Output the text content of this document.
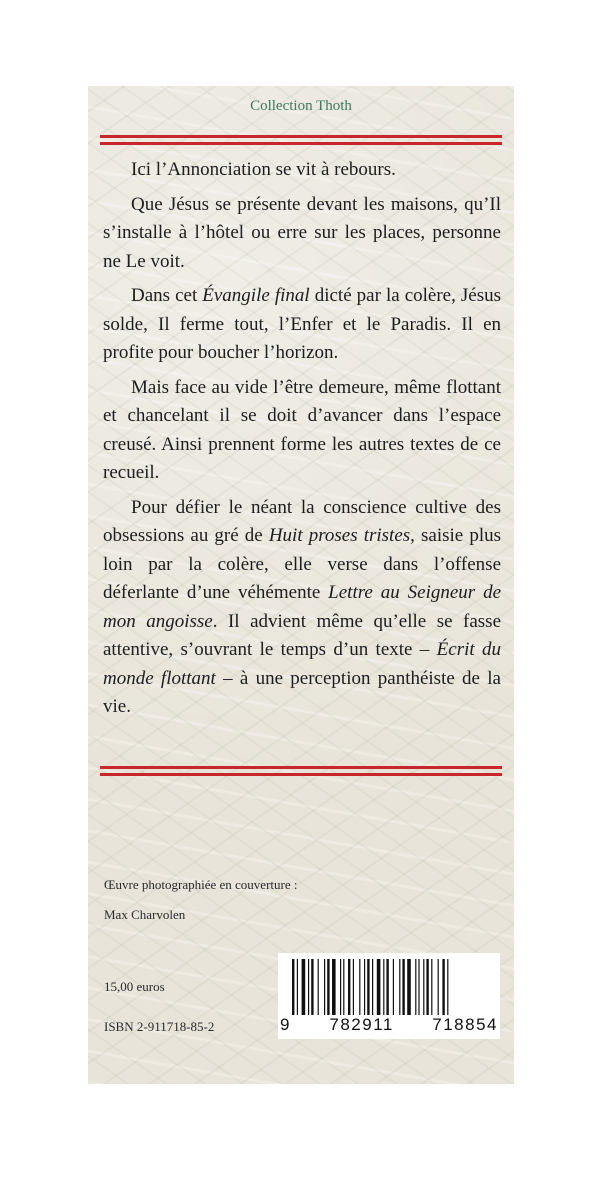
Collection Thoth

Ici l’Annonciation se vit à rebours.

Que Jésus se présente devant les maisons, qu’Il s’installe à l’hôtel ou erre sur les places, personne ne Le voit.

Dans cet Évangile final dicté par la colère, Jésus solde, Il ferme tout, l’Enfer et le Paradis. Il en profite pour boucher l’horizon.

Mais face au vide l’être demeure, même flottant et chancelant il se doit d’avancer dans l’espace creusé. Ainsi prennent forme les autres textes de ce recueil.

Pour défier le néant la conscience cultive des obsessions au gré de Huit proses tristes, saisie plus loin par la colère, elle verse dans l’offense déferlante d’une véhémente Lettre au Seigneur de mon angoisse. Il advient même qu’elle se fasse attentive, s’ouvrant le temps d’un texte – Écrit du monde flottant – à une perception panthéiste de la vie.

Œuvre photographiée en couverture :
Max Charvolen
15,00 euros
ISBN 2-911718-85-2	9 782911 718854
